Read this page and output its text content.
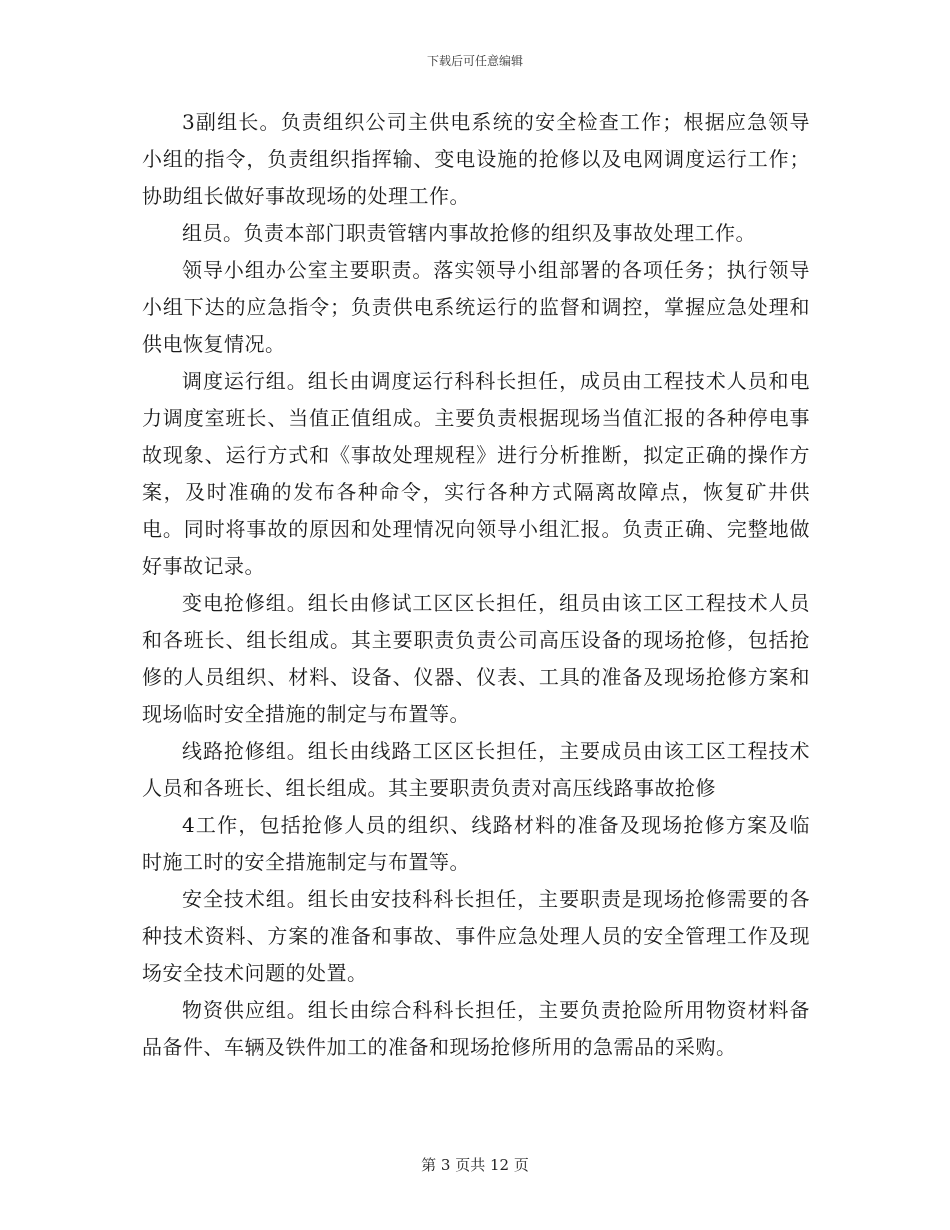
下载后可任意编辑

3副组长。负责组织公司主供电系统的安全检查工作；根据应急领导小组的指令，负责组织指挥输、变电设施的抢修以及电网调度运行工作；协助组长做好事故现场的处理工作。

组员。负责本部门职责管辖内事故抢修的组织及事故处理工作。

领导小组办公室主要职责。落实领导小组部署的各项任务；执行领导小组下达的应急指令；负责供电系统运行的监督和调控，掌握应急处理和供电恢复情况。

调度运行组。组长由调度运行科科长担任，成员由工程技术人员和电力调度室班长、当值正值组成。主要负责根据现场当值汇报的各种停电事故现象、运行方式和《事故处理规程》进行分析推断，拟定正确的操作方案，及时准确的发布各种命令，实行各种方式隔离故障点，恢复矿井供电。同时将事故的原因和处理情况向领导小组汇报。负责正确、完整地做好事故记录。

变电抢修组。组长由修试工区区长担任，组员由该工区工程技术人员和各班长、组长组成。其主要职责负责公司高压设备的现场抢修，包括抢修的人员组织、材料、设备、仪器、仪表、工具的准备及现场抢修方案和现场临时安全措施的制定与布置等。

线路抢修组。组长由线路工区区长担任，主要成员由该工区工程技术人员和各班长、组长组成。其主要职责负责对高压线路事故抢修

4工作，包括抢修人员的组织、线路材料的准备及现场抢修方案及临时施工时的安全措施制定与布置等。

安全技术组。组长由安技科科长担任，主要职责是现场抢修需要的各种技术资料、方案的准备和事故、事件应急处理人员的安全管理工作及现场安全技术问题的处置。

物资供应组。组长由综合科科长担任，主要负责抢险所用物资材料备品备件、车辆及铁件加工的准备和现场抢修所用的急需品的采购。

第 3 页共 12 页
